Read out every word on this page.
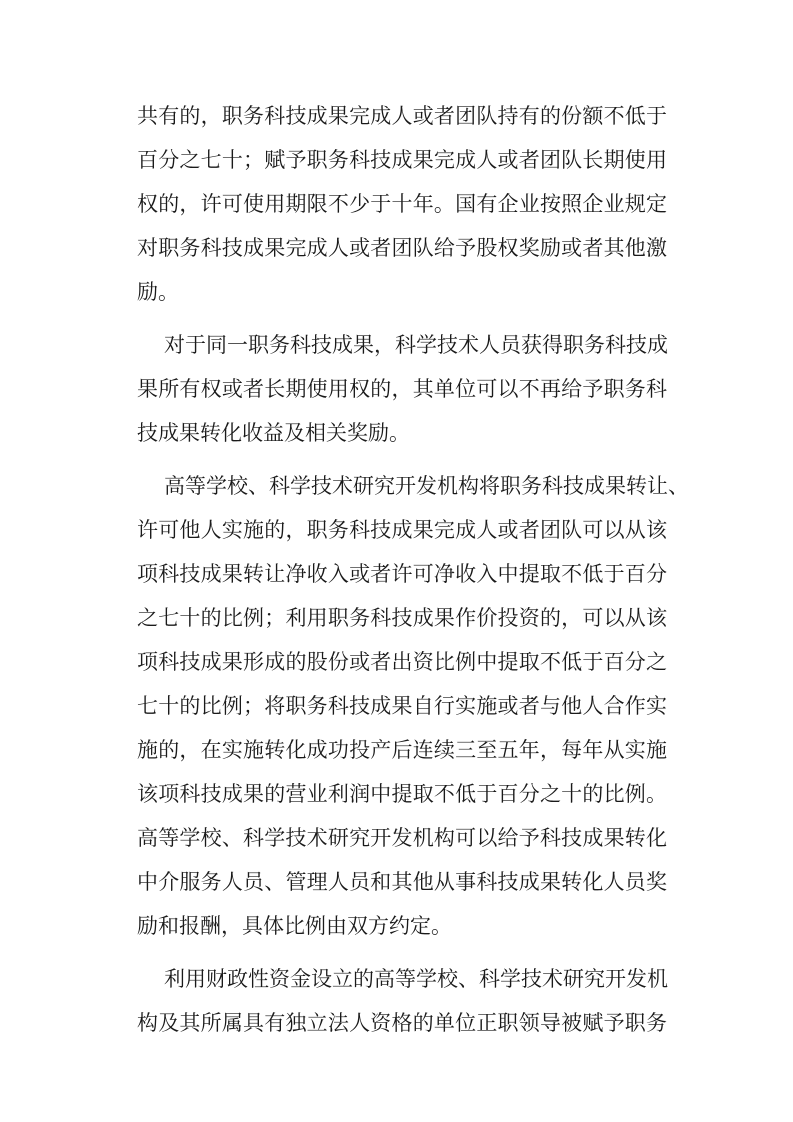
共有的，职务科技成果完成人或者团队持有的份额不低于
百分之七十；赋予职务科技成果完成人或者团队长期使用
权的，许可使用期限不少于十年。国有企业按照企业规定
对职务科技成果完成人或者团队给予股权奖励或者其他激
励。
对于同一职务科技成果，科学技术人员获得职务科技成
果所有权或者长期使用权的，其单位可以不再给予职务科
技成果转化收益及相关奖励。
高等学校、科学技术研究开发机构将职务科技成果转让、
许可他人实施的，职务科技成果完成人或者团队可以从该
项科技成果转让净收入或者许可净收入中提取不低于百分
之七十的比例；利用职务科技成果作价投资的，可以从该
项科技成果形成的股份或者出资比例中提取不低于百分之
七十的比例；将职务科技成果自行实施或者与他人合作实
施的，在实施转化成功投产后连续三至五年，每年从实施
该项科技成果的营业利润中提取不低于百分之十的比例。
高等学校、科学技术研究开发机构可以给予科技成果转化
中介服务人员、管理人员和其他从事科技成果转化人员奖
励和报酬，具体比例由双方约定。
利用财政性资金设立的高等学校、科学技术研究开发机
构及其所属具有独立法人资格的单位正职领导被赋予职务
